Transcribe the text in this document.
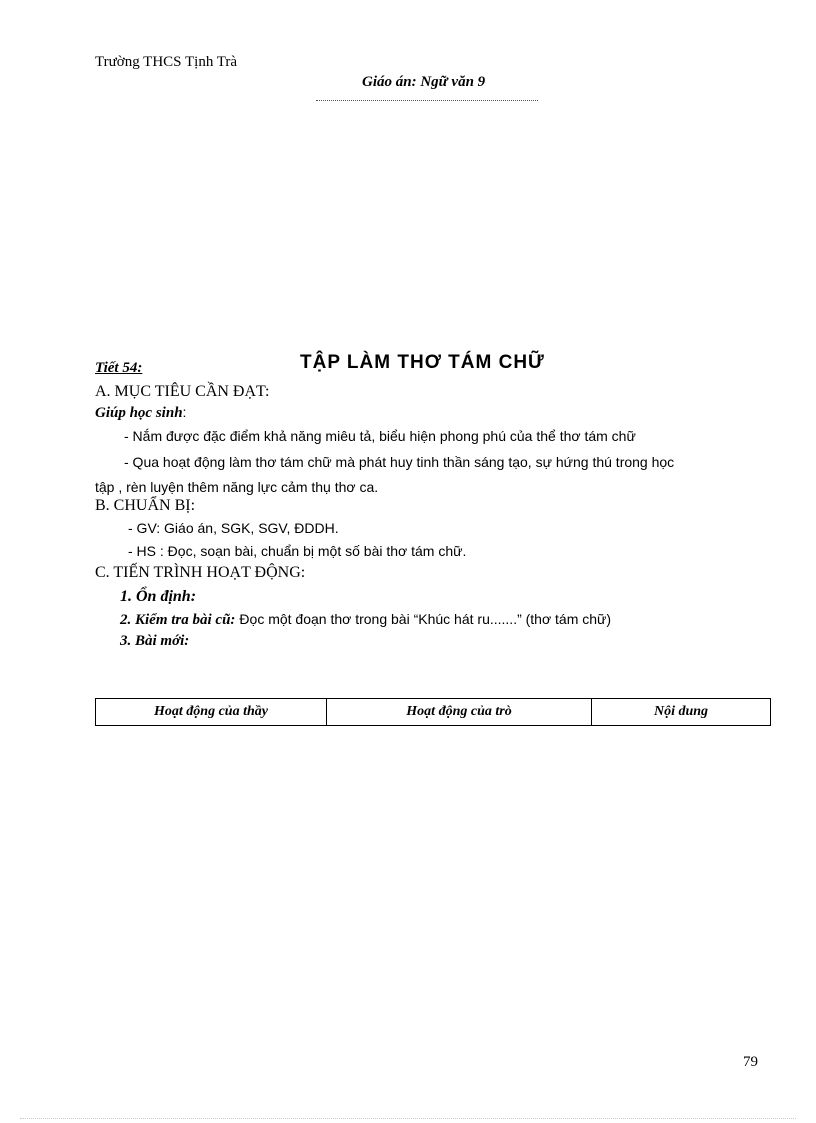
Trường THCS Tịnh Trà
Giáo án: Ngữ văn 9
Tiết 54:	TẬP LÀM THƠ TÁM CHỮ
A. MỤC TIÊU CẦN ĐẠT:
Giúp học sinh:
- Nắm được đặc điểm khả năng miêu tả, biểu hiện phong phú của thể thơ tám chữ
- Qua hoạt động làm thơ tám chữ mà phát huy tinh thần sáng tạo, sự hứng thú trong học
tập , rèn luyện thêm năng lực cảm thụ thơ ca.
B. CHUẨN BỊ:
- GV: Giáo án, SGK, SGV, ĐDDH.
- HS : Đọc, soạn bài, chuẩn bị một số bài thơ tám chữ.
C. TIẾN TRÌNH HOẠT ĐỘNG:
1. Ổn định:
2. Kiểm tra bài cũ: Đọc một đoạn thơ trong bài “Khúc hát ru.......” (thơ tám chữ)
3. Bài mới:
Hoạt động của thầy	Hoạt động của trò	Nội dung
79
